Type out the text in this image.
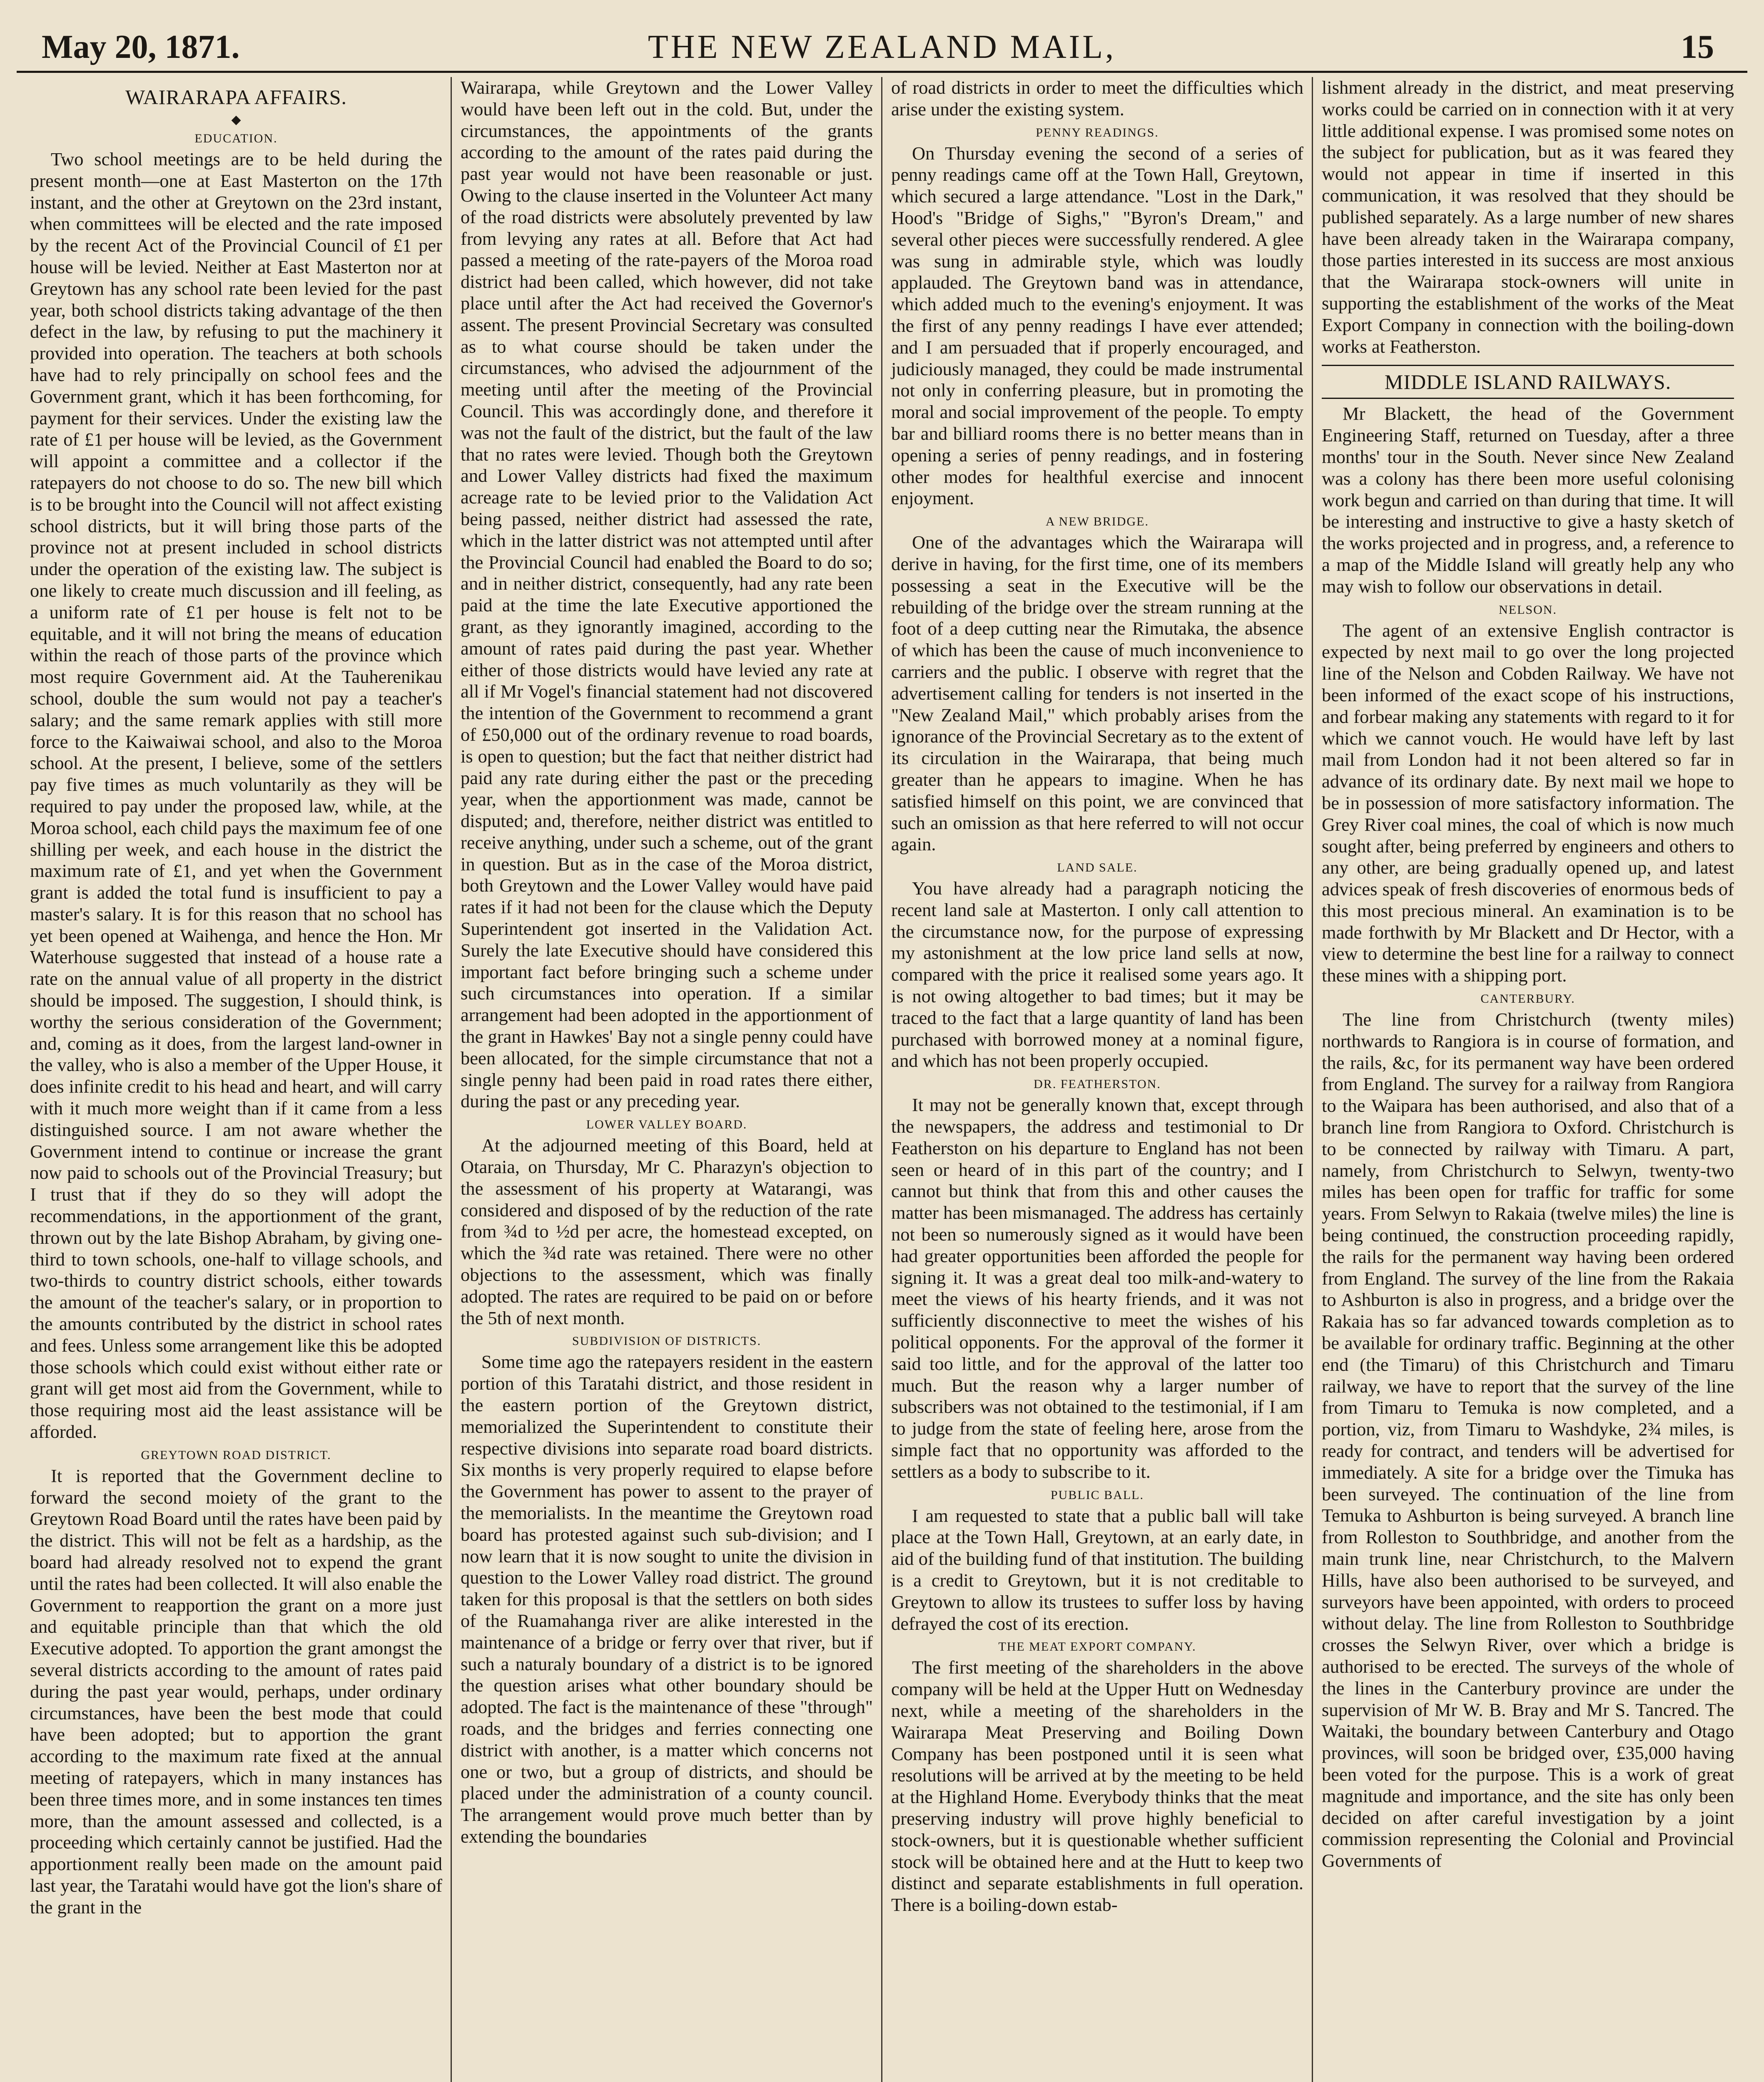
May 20, 1871.	THE NEW ZEALAND MAIL,	15
WAIRARAPA AFFAIRS.

◆

EDUCATION.

Two school meetings are to be held during the present month—one at East Masterton on the 17th instant, and the other at Greytown on the 23rd instant, when committees will be elected and the rate imposed by the recent Act of the Provincial Council of £1 per house will be levied. Neither at East Masterton nor at Greytown has any school rate been levied for the past year, both school districts taking advantage of the then defect in the law, by refusing to put the machinery it provided into operation. The teachers at both schools have had to rely principally on school fees and the Government grant, which it has been forthcoming, for payment for their services. Under the existing law the rate of £1 per house will be levied, as the Government will appoint a committee and a collector if the ratepayers do not choose to do so. The new bill which is to be brought into the Council will not affect existing school districts, but it will bring those parts of the province not at present included in school districts under the operation of the existing law. The subject is one likely to create much discussion and ill feeling, as a uniform rate of £1 per house is felt not to be equitable, and it will not bring the means of education within the reach of those parts of the province which most require Government aid. At the Tauherenikau school, double the sum would not pay a teacher's salary; and the same remark applies with still more force to the Kaiwaiwai school, and also to the Moroa school. At the present, I believe, some of the settlers pay five times as much voluntarily as they will be required to pay under the proposed law, while, at the Moroa school, each child pays the maximum fee of one shilling per week, and each house in the district the maximum rate of £1, and yet when the Government grant is added the total fund is insufficient to pay a master's salary. It is for this reason that no school has yet been opened at Waihenga, and hence the Hon. Mr Waterhouse suggested that instead of a house rate a rate on the annual value of all property in the district should be imposed. The suggestion, I should think, is worthy the serious consideration of the Government; and, coming as it does, from the largest land-owner in the valley, who is also a member of the Upper House, it does infinite credit to his head and heart, and will carry with it much more weight than if it came from a less distinguished source. I am not aware whether the Government intend to continue or increase the grant now paid to schools out of the Provincial Treasury; but I trust that if they do so they will adopt the recommendations, in the apportionment of the grant, thrown out by the late Bishop Abraham, by giving one-third to town schools, one-half to village schools, and two-thirds to country district schools, either towards the amount of the teacher's salary, or in proportion to the amounts contributed by the district in school rates and fees. Unless some arrangement like this be adopted those schools which could exist without either rate or grant will get most aid from the Government, while to those requiring most aid the least assistance will be afforded.

GREYTOWN ROAD DISTRICT.

It is reported that the Government decline to forward the second moiety of the grant to the Greytown Road Board until the rates have been paid by the district. This will not be felt as a hardship, as the board had already resolved not to expend the grant until the rates had been collected. It will also enable the Government to reapportion the grant on a more just and equitable principle than that which the old Executive adopted. To apportion the grant amongst the several districts according to the amount of rates paid during the past year would, perhaps, under ordinary circumstances, have been the best mode that could have been adopted; but to apportion the grant according to the maximum rate fixed at the annual meeting of ratepayers, which in many instances has been three times more, and in some instances ten times more, than the amount assessed and collected, is a proceeding which certainly cannot be justified. Had the apportionment really been made on the amount paid last year, the Taratahi would have got the lion's share of the grant in the

Wairarapa, while Greytown and the Lower Valley would have been left out in the cold. But, under the circumstances, the appointments of the grants according to the amount of the rates paid during the past year would not have been reasonable or just. Owing to the clause inserted in the Volunteer Act many of the road districts were absolutely prevented by law from levying any rates at all. Before that Act had passed a meeting of the rate-payers of the Moroa road district had been called, which however, did not take place until after the Act had received the Governor's assent. The present Provincial Secretary was consulted as to what course should be taken under the circumstances, who advised the adjournment of the meeting until after the meeting of the Provincial Council. This was accordingly done, and therefore it was not the fault of the district, but the fault of the law that no rates were levied. Though both the Greytown and Lower Valley districts had fixed the maximum acreage rate to be levied prior to the Validation Act being passed, neither district had assessed the rate, which in the latter district was not attempted until after the Provincial Council had enabled the Board to do so; and in neither district, consequently, had any rate been paid at the time the late Executive apportioned the grant, as they ignorantly imagined, according to the amount of rates paid during the past year. Whether either of those districts would have levied any rate at all if Mr Vogel's financial statement had not discovered the intention of the Government to recommend a grant of £50,000 out of the ordinary revenue to road boards, is open to question; but the fact that neither district had paid any rate during either the past or the preceding year, when the apportionment was made, cannot be disputed; and, therefore, neither district was entitled to receive anything, under such a scheme, out of the grant in question. But as in the case of the Moroa district, both Greytown and the Lower Valley would have paid rates if it had not been for the clause which the Deputy Superintendent got inserted in the Validation Act. Surely the late Executive should have considered this important fact before bringing such a scheme under such circumstances into operation. If a similar arrangement had been adopted in the apportionment of the grant in Hawkes' Bay not a single penny could have been allocated, for the simple circumstance that not a single penny had been paid in road rates there either, during the past or any preceding year.

LOWER VALLEY BOARD.

At the adjourned meeting of this Board, held at Otaraia, on Thursday, Mr C. Pharazyn's objection to the assessment of his property at Watarangi, was considered and disposed of by the reduction of the rate from ¾d to ½d per acre, the homestead excepted, on which the ¾d rate was retained. There were no other objections to the assessment, which was finally adopted. The rates are required to be paid on or before the 5th of next month.

SUBDIVISION OF DISTRICTS.

Some time ago the ratepayers resident in the eastern portion of this Taratahi district, and those resident in the eastern portion of the Greytown district, memorialized the Superintendent to constitute their respective divisions into separate road board districts. Six months is very properly required to elapse before the Government has power to assent to the prayer of the memorialists. In the meantime the Greytown road board has protested against such sub-division; and I now learn that it is now sought to unite the division in question to the Lower Valley road district. The ground taken for this proposal is that the settlers on both sides of the Ruamahanga river are alike interested in the maintenance of a bridge or ferry over that river, but if such a naturaly boundary of a district is to be ignored the question arises what other boundary should be adopted. The fact is the maintenance of these "through" roads, and the bridges and ferries connecting one district with another, is a matter which concerns not one or two, but a group of districts, and should be placed under the administration of a county council. The arrangement would prove much better than by extending the boundaries

of road districts in order to meet the difficulties which arise under the existing system.

PENNY READINGS.

On Thursday evening the second of a series of penny readings came off at the Town Hall, Greytown, which secured a large attendance. "Lost in the Dark," Hood's "Bridge of Sighs," "Byron's Dream," and several other pieces were successfully rendered. A glee was sung in admirable style, which was loudly applauded. The Greytown band was in attendance, which added much to the evening's enjoyment. It was the first of any penny readings I have ever attended; and I am persuaded that if properly encouraged, and judiciously managed, they could be made instrumental not only in conferring pleasure, but in promoting the moral and social improvement of the people. To empty bar and billiard rooms there is no better means than in opening a series of penny readings, and in fostering other modes for healthful exercise and innocent enjoyment.

A NEW BRIDGE.

One of the advantages which the Wairarapa will derive in having, for the first time, one of its members possessing a seat in the Executive will be the rebuilding of the bridge over the stream running at the foot of a deep cutting near the Rimutaka, the absence of which has been the cause of much inconvenience to carriers and the public. I observe with regret that the advertisement calling for tenders is not inserted in the "New Zealand Mail," which probably arises from the ignorance of the Provincial Secretary as to the extent of its circulation in the Wairarapa, that being much greater than he appears to imagine. When he has satisfied himself on this point, we are convinced that such an omission as that here referred to will not occur again.

LAND SALE.

You have already had a paragraph noticing the recent land sale at Masterton. I only call attention to the circumstance now, for the purpose of expressing my astonishment at the low price land sells at now, compared with the price it realised some years ago. It is not owing altogether to bad times; but it may be traced to the fact that a large quantity of land has been purchased with borrowed money at a nominal figure, and which has not been properly occupied.

DR. FEATHERSTON.

It may not be generally known that, except through the newspapers, the address and testimonial to Dr Featherston on his departure to England has not been seen or heard of in this part of the country; and I cannot but think that from this and other causes the matter has been mismanaged. The address has certainly not been so numerously signed as it would have been had greater opportunities been afforded the people for signing it. It was a great deal too milk-and-watery to meet the views of his hearty friends, and it was not sufficiently disconnective to meet the wishes of his political opponents. For the approval of the former it said too little, and for the approval of the latter too much. But the reason why a larger number of subscribers was not obtained to the testimonial, if I am to judge from the state of feeling here, arose from the simple fact that no opportunity was afforded to the settlers as a body to subscribe to it.

PUBLIC BALL.

I am requested to state that a public ball will take place at the Town Hall, Greytown, at an early date, in aid of the building fund of that institution. The building is a credit to Greytown, but it is not creditable to Greytown to allow its trustees to suffer loss by having defrayed the cost of its erection.

THE MEAT EXPORT COMPANY.

The first meeting of the shareholders in the above company will be held at the Upper Hutt on Wednesday next, while a meeting of the shareholders in the Wairarapa Meat Preserving and Boiling Down Company has been postponed until it is seen what resolutions will be arrived at by the meeting to be held at the Highland Home. Everybody thinks that the meat preserving industry will prove highly beneficial to stock-owners, but it is questionable whether sufficient stock will be obtained here and at the Hutt to keep two distinct and separate establishments in full operation. There is a boiling-down estab-

lishment already in the district, and meat preserving works could be carried on in connection with it at very little additional expense. I was promised some notes on the subject for publication, but as it was feared they would not appear in time if inserted in this communication, it was resolved that they should be published separately. As a large number of new shares have been already taken in the Wairarapa company, those parties interested in its success are most anxious that the Wairarapa stock-owners will unite in supporting the establishment of the works of the Meat Export Company in connection with the boiling-down works at Featherston.

MIDDLE ISLAND RAILWAYS.

Mr Blackett, the head of the Government Engineering Staff, returned on Tuesday, after a three months' tour in the South. Never since New Zealand was a colony has there been more useful colonising work begun and carried on than during that time. It will be interesting and instructive to give a hasty sketch of the works projected and in progress, and, a reference to a map of the Middle Island will greatly help any who may wish to follow our observations in detail.

NELSON.

The agent of an extensive English contractor is expected by next mail to go over the long projected line of the Nelson and Cobden Railway. We have not been informed of the exact scope of his instructions, and forbear making any statements with regard to it for which we cannot vouch. He would have left by last mail from London had it not been altered so far in advance of its ordinary date. By next mail we hope to be in possession of more satisfactory information. The Grey River coal mines, the coal of which is now much sought after, being preferred by engineers and others to any other, are being gradually opened up, and latest advices speak of fresh discoveries of enormous beds of this most precious mineral. An examination is to be made forthwith by Mr Blackett and Dr Hector, with a view to determine the best line for a railway to connect these mines with a shipping port.

CANTERBURY.

The line from Christchurch (twenty miles) northwards to Rangiora is in course of formation, and the rails, &c, for its permanent way have been ordered from England. The survey for a railway from Rangiora to the Waipara has been authorised, and also that of a branch line from Rangiora to Oxford. Christchurch is to be connected by railway with Timaru. A part, namely, from Christchurch to Selwyn, twenty-two miles has been open for traffic for traffic for some years. From Selwyn to Rakaia (twelve miles) the line is being continued, the construction proceeding rapidly, the rails for the permanent way having been ordered from England. The survey of the line from the Rakaia to Ashburton is also in progress, and a bridge over the Rakaia has so far advanced towards completion as to be available for ordinary traffic. Beginning at the other end (the Timaru) of this Christchurch and Timaru railway, we have to report that the survey of the line from Timaru to Temuka is now completed, and a portion, viz, from Timaru to Washdyke, 2¾ miles, is ready for contract, and tenders will be advertised for immediately. A site for a bridge over the Timuka has been surveyed. The continuation of the line from Temuka to Ashburton is being surveyed. A branch line from Rolleston to Southbridge, and another from the main trunk line, near Christchurch, to the Malvern Hills, have also been authorised to be surveyed, and surveyors have been appointed, with orders to proceed without delay. The line from Rolleston to Southbridge crosses the Selwyn River, over which a bridge is authorised to be erected. The surveys of the whole of the lines in the Canterbury province are under the supervision of Mr W. B. Bray and Mr S. Tancred. The Waitaki, the boundary between Canterbury and Otago provinces, will soon be bridged over, £35,000 having been voted for the purpose. This is a work of great magnitude and importance, and the site has only been decided on after careful investigation by a joint commission representing the Colonial and Provincial Governments of
